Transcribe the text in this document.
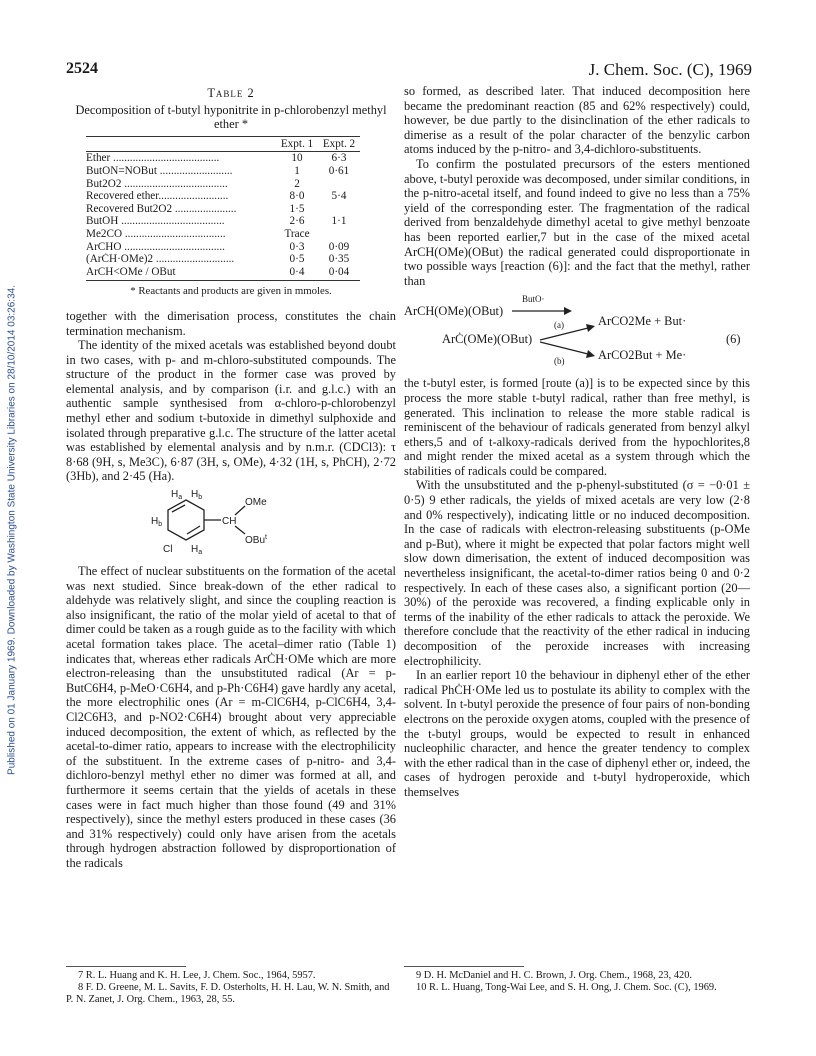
Published on 01 January 1969. Downloaded by Washington State University Libraries on 28/10/2014 03:26:34.
2524	J. Chem. Soc. (C), 1969
Table 2
Decomposition of t-butyl hyponitrite in p-chlorobenzyl methyl ether *
	Expt. 1	Expt. 2
Ether ......................................	10	6·3
ButON=NOBut ..........................	1	0·61
But2O2 .....................................	2	
Recovered ether.........................	8·0	5·4
Recovered But2O2 ......................	1·5	
ButOH .....................................	2·6	1·1
Me2CO ....................................	Trace	
ArCHO ....................................	0·3	0·09
(ArĊH·OMe)2 ............................	0·5	0·35
ArCH<OMe / OBut	0·4	0·04
* Reactants and products are given in mmoles.

together with the dimerisation process, constitutes the chain termination mechanism.

The identity of the mixed acetals was established beyond doubt in two cases, with p- and m-chloro-substituted compounds. The structure of the product in the former case was proved by elemental analysis, and by comparison (i.r. and g.l.c.) with an authentic sample synthesised from α-chloro-p-chlorobenzyl methyl ether and sodium t-butoxide in dimethyl sulphoxide and isolated through preparative g.l.c. The structure of the latter acetal was established by elemental analysis and by n.m.r. (CDCl3): τ 8·68 (9H, s, Me3C), 6·87 (3H, s, OMe), 4·32 (1H, s, PhCH), 2·72 (3Hb), and 2·45 (Ha).

$H_a$ $H_b$
$H_b$
OMe
CH
OBu$^t$
Cl $H_a$

The effect of nuclear substituents on the formation of the acetal was next studied. Since break-down of the ether radical to aldehyde was relatively slight, and since the coupling reaction is also insignificant, the ratio of the molar yield of acetal to that of dimer could be taken as a rough guide as to the facility with which acetal formation takes place. The acetal–dimer ratio (Table 1) indicates that, whereas ether radicals ArĊH·OMe which are more electron-releasing than the unsubstituted radical (Ar = p-ButC6H4, p-MeO·C6H4, and p-Ph·C6H4) gave hardly any acetal, the more electrophilic ones (Ar = m-ClC6H4, p-ClC6H4, 3,4-Cl2C6H3, and p-NO2·C6H4) brought about very appreciable induced decomposition, the extent of which, as reflected by the acetal-to-dimer ratio, appears to increase with the electrophilicity of the substituent. In the extreme cases of p-nitro- and 3,4-dichloro-benzyl methyl ether no dimer was formed at all, and furthermore it seems certain that the yields of acetals in these cases were in fact much higher than those found (49 and 31% respectively), since the methyl esters produced in these cases (36 and 31% respectively) could only have arisen from the acetals through hydrogen abstraction followed by disproportionation of the radicals

so formed, as described later. That induced decomposition here became the predominant reaction (85 and 62% respectively) could, however, be due partly to the disinclination of the ether radicals to dimerise as a result of the polar character of the benzylic carbon atoms induced by the p-nitro- and 3,4-dichloro-substituents.

To confirm the postulated precursors of the esters mentioned above, t-butyl peroxide was decomposed, under similar conditions, in the p-nitro-acetal itself, and found indeed to give no less than a 75% yield of the corresponding ester. The fragmentation of the radical derived from benzaldehyde dimethyl acetal to give methyl benzoate has been reported earlier,7 but in the case of the mixed acetal ArCH(OMe)(OBut) the radical generated could disproportionate in two possible ways [reaction (6)]: and the fact that the methyl, rather than

ArCH(OMe)(OBut)
ButO·
ArĊ(OMe)(OBut)
(a)
(b)
ArCO2Me + But·
ArCO2But + Me·
(6)

the t-butyl ester, is formed [route (a)] is to be expected since by this process the more stable t-butyl radical, rather than free methyl, is generated. This inclination to release the more stable radical is reminiscent of the behaviour of radicals generated from benzyl alkyl ethers,5 and of t-alkoxy-radicals derived from the hypochlorites,8 and might render the mixed acetal as a system through which the stabilities of radicals could be compared.

With the unsubstituted and the p-phenyl-substituted (σ = −0·01 ± 0·5) 9 ether radicals, the yields of mixed acetals are very low (2·8 and 0% respectively), indicating little or no induced decomposition. In the case of radicals with electron-releasing substituents (p-OMe and p-But), where it might be expected that polar factors might well slow down dimerisation, the extent of induced decomposition was nevertheless insignificant, the acetal-to-dimer ratios being 0 and 0·2 respectively. In each of these cases also, a significant portion (20—30%) of the peroxide was recovered, a finding explicable only in terms of the inability of the ether radicals to attack the peroxide. We therefore conclude that the reactivity of the ether radical in inducing decomposition of the peroxide increases with increasing electrophilicity.

In an earlier report 10 the behaviour in diphenyl ether of the ether radical PhĊH·OMe led us to postulate its ability to complex with the solvent. In t-butyl peroxide the presence of four pairs of non-bonding electrons on the peroxide oxygen atoms, coupled with the presence of the t-butyl groups, would be expected to result in enhanced nucleophilic character, and hence the greater tendency to complex with the ether radical than in the case of diphenyl ether or, indeed, the cases of hydrogen peroxide and t-butyl hydroperoxide, which themselves

7 R. L. Huang and K. H. Lee, J. Chem. Soc., 1964, 5957.

8 F. D. Greene, M. L. Savits, F. D. Osterholts, H. H. Lau, W. N. Smith, and P. N. Zanet, J. Org. Chem., 1963, 28, 55.

9 D. H. McDaniel and H. C. Brown, J. Org. Chem., 1968, 23, 420.

10 R. L. Huang, Tong-Wai Lee, and S. H. Ong, J. Chem. Soc. (C), 1969.
